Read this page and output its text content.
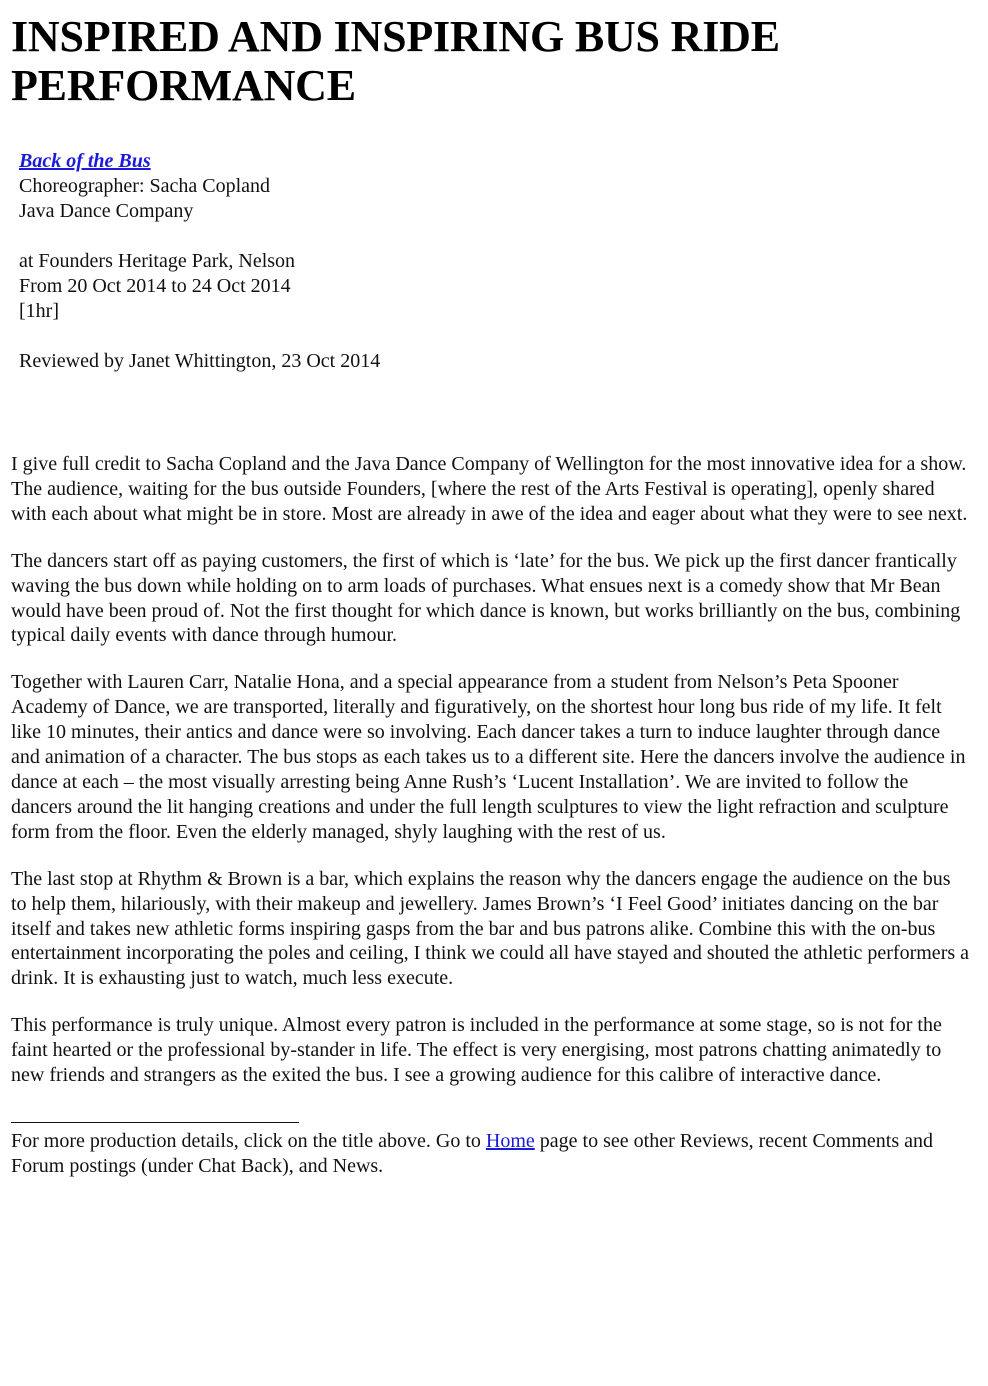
INSPIRED AND INSPIRING BUS RIDE PERFORMANCE
Back of the Bus
Choreographer: Sacha Copland
Java Dance Company
at Founders Heritage Park, Nelson
From 20 Oct 2014 to 24 Oct 2014
[1hr]
Reviewed by Janet Whittington, 23 Oct 2014

I give full credit to Sacha Copland and the Java Dance Company of Wellington for the most innovative idea for a show. The audience, waiting for the bus outside Founders, [where the rest of the Arts Festival is operating], openly shared with each about what might be in store. Most are already in awe of the idea and eager about what they were to see next.

The dancers start off as paying customers, the first of which is ‘late’ for the bus. We pick up the first dancer frantically waving the bus down while holding on to arm loads of purchases. What ensues next is a comedy show that Mr Bean would have been proud of. Not the first thought for which dance is known, but works brilliantly on the bus, combining typical daily events with dance through humour.

Together with Lauren Carr, Natalie Hona, and a special appearance from a student from Nelson’s Peta Spooner Academy of Dance, we are transported, literally and figuratively, on the shortest hour long bus ride of my life. It felt like 10 minutes, their antics and dance were so involving. Each dancer takes a turn to induce laughter through dance and animation of a character. The bus stops as each takes us to a different site. Here the dancers involve the audience in dance at each – the most visually arresting being Anne Rush’s ‘Lucent Installation’. We are invited to follow the dancers around the lit hanging creations and under the full length sculptures to view the light refraction and sculpture form from the floor. Even the elderly managed, shyly laughing with the rest of us.

The last stop at Rhythm & Brown is a bar, which explains the reason why the dancers engage the audience on the bus to help them, hilariously, with their makeup and jewellery. James Brown’s ‘I Feel Good’ initiates dancing on the bar itself and takes new athletic forms inspiring gasps from the bar and bus patrons alike. Combine this with the on-bus entertainment incorporating the poles and ceiling, I think we could all have stayed and shouted the athletic performers a drink. It is exhausting just to watch, much less execute.

This performance is truly unique. Almost every patron is included in the performance at some stage, so is not for the faint hearted or the professional by-stander in life. The effect is very energising, most patrons chatting animatedly to new friends and strangers as the exited the bus. I see a growing audience for this calibre of interactive dance.

For more production details, click on the title above. Go to Home page to see other Reviews, recent Comments and Forum postings (under Chat Back), and News.
